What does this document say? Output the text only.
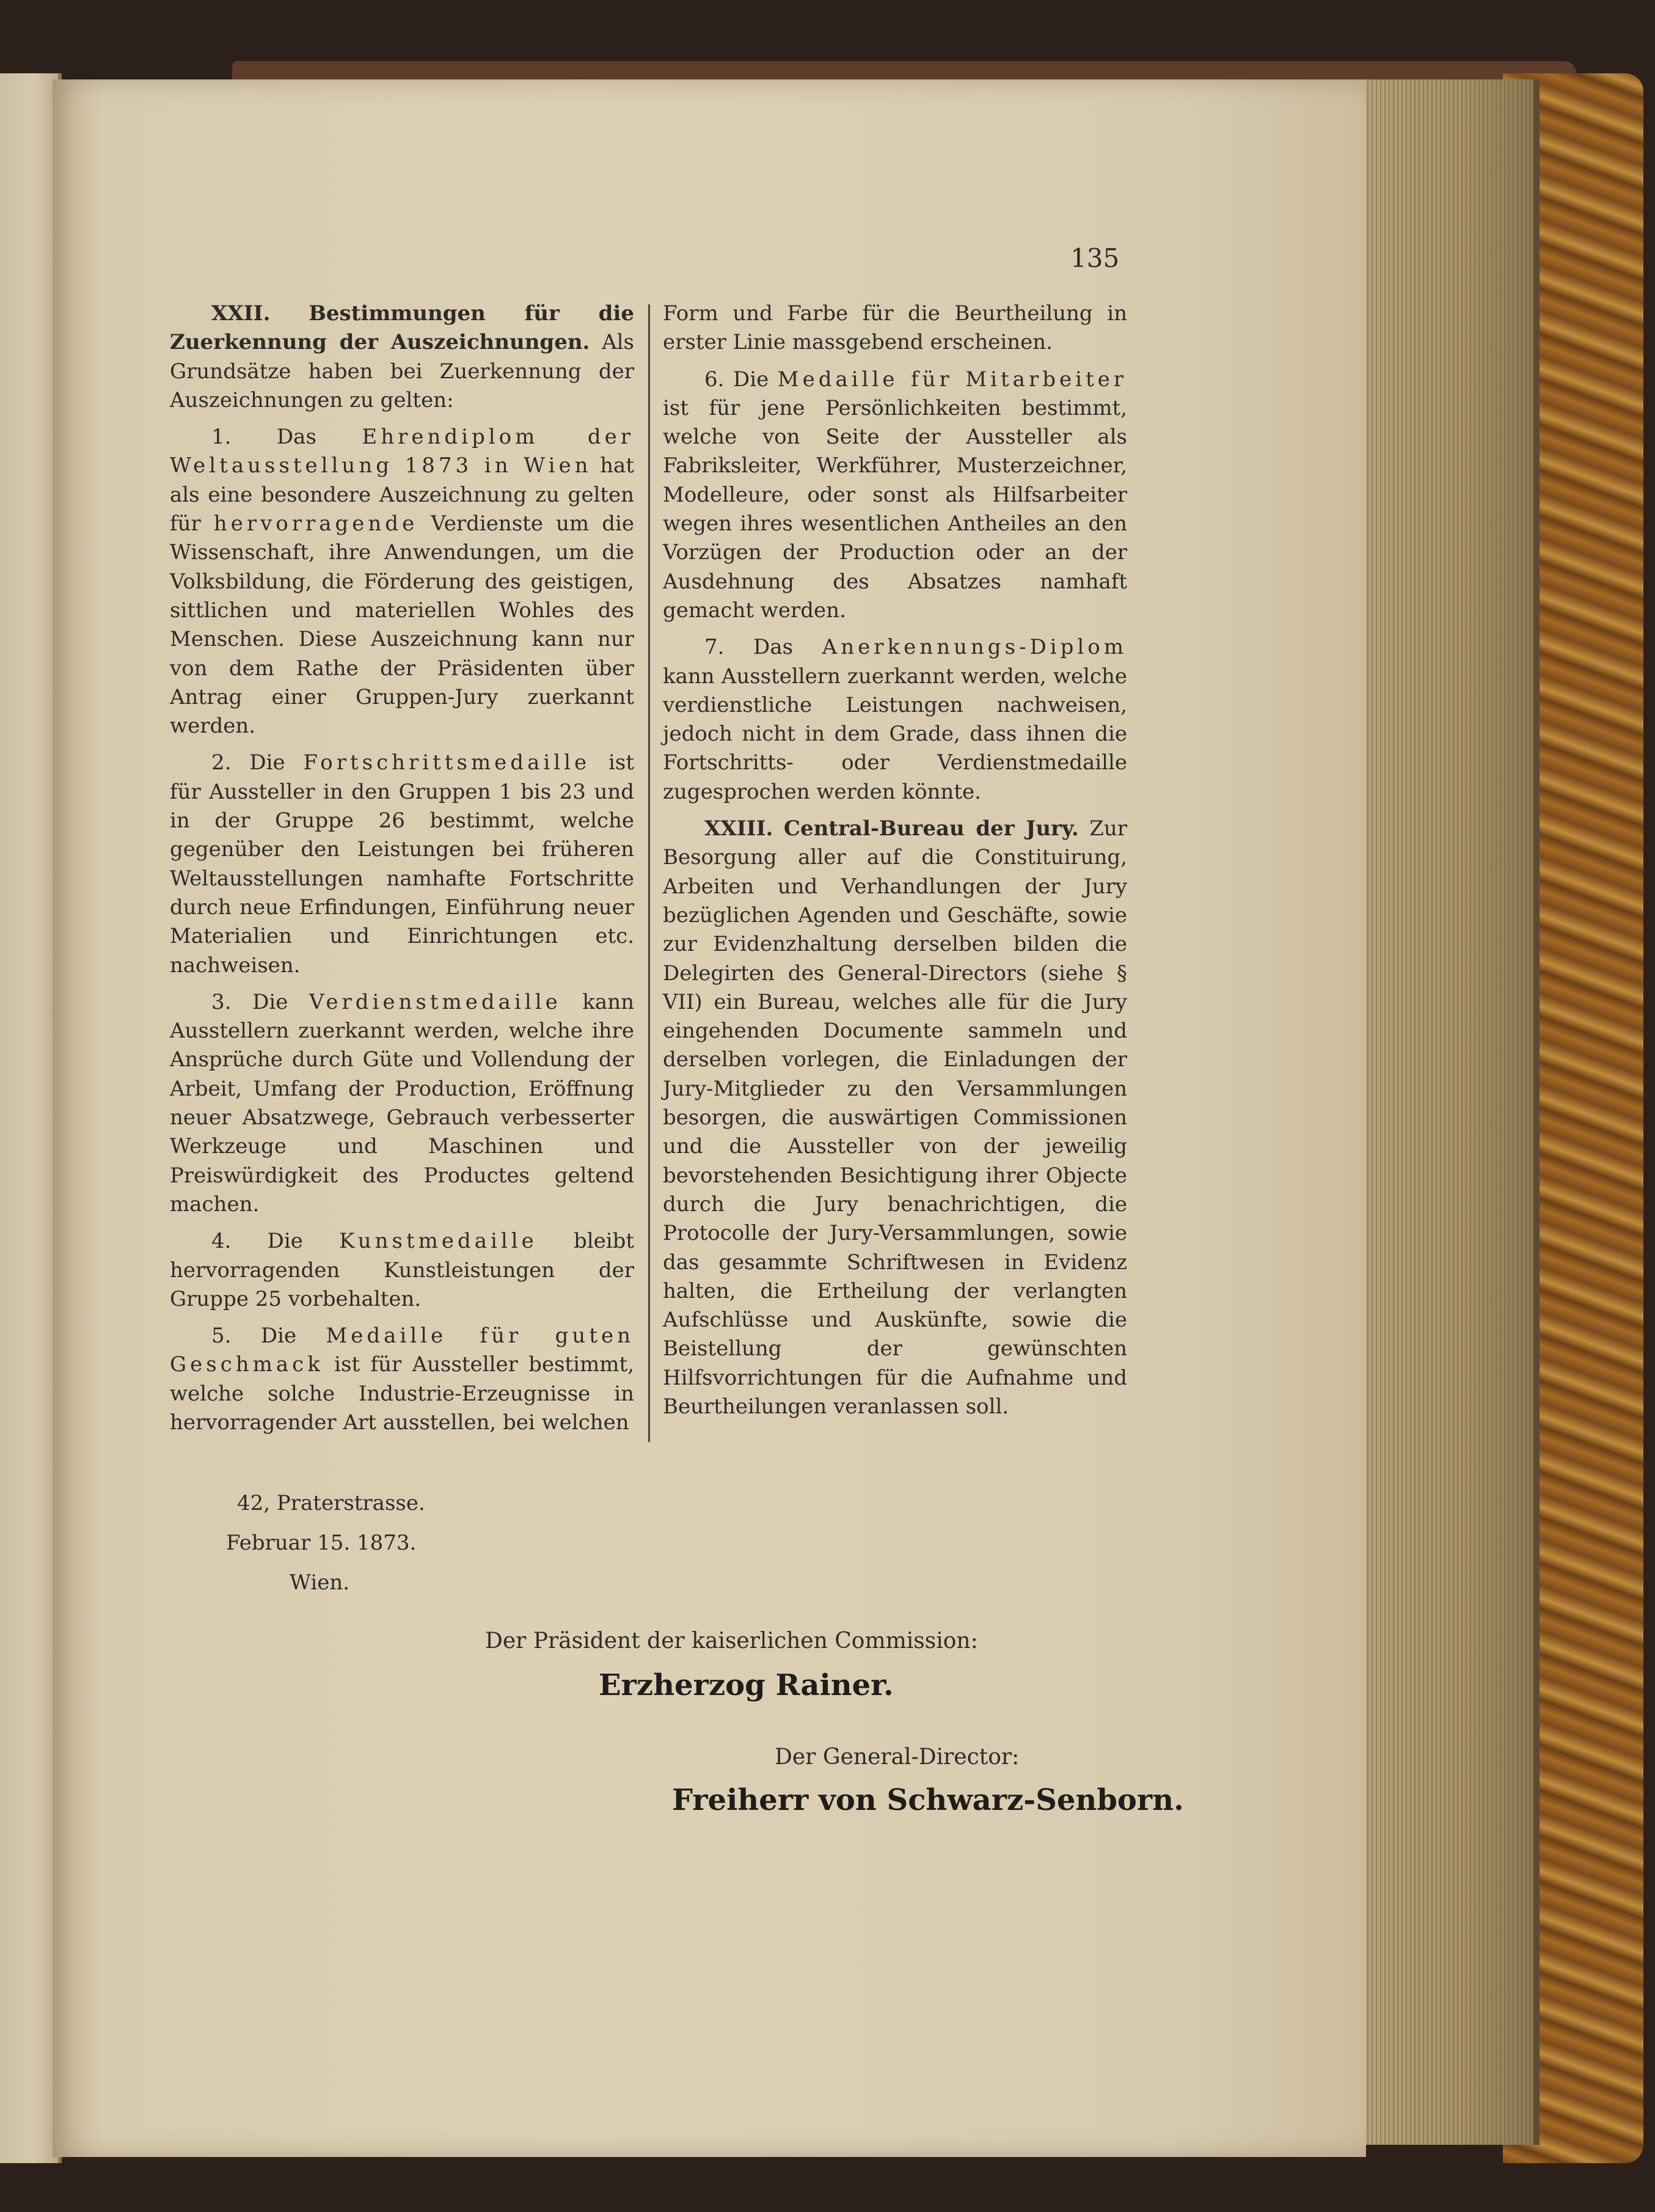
135

XXII. Bestimmungen für die Zuerkennung der Auszeichnungen. Als Grundsätze haben bei Zuerkennung der Auszeichnungen zu gelten:

1. Das Ehrendiplom der Weltausstellung 1873 in Wien hat als eine besondere Auszeichnung zu gelten für hervorragende Verdienste um die Wissenschaft, ihre Anwendungen, um die Volksbildung, die Förderung des geistigen, sittlichen und materiellen Wohles des Menschen. Diese Auszeichnung kann nur von dem Rathe der Präsidenten über Antrag einer Gruppen-Jury zuerkannt werden.

2. Die Fortschrittsmedaille ist für Aussteller in den Gruppen 1 bis 23 und in der Gruppe 26 bestimmt, welche gegenüber den Leistungen bei früheren Weltausstellungen namhafte Fortschritte durch neue Erfindungen, Einführung neuer Materialien und Einrichtungen etc. nachweisen.

3. Die Verdienstmedaille kann Ausstellern zuerkannt werden, welche ihre Ansprüche durch Güte und Vollendung der Arbeit, Umfang der Production, Eröffnung neuer Absatzwege, Gebrauch verbesserter Werkzeuge und Maschinen und Preiswürdigkeit des Productes geltend machen.

4. Die Kunstmedaille bleibt hervorragenden Kunstleistungen der Gruppe 25 vorbehalten.

5. Die Medaille für guten Geschmack ist für Aussteller bestimmt, welche solche Industrie-Erzeugnisse in hervorragender Art ausstellen, bei welchen

Form und Farbe für die Beurtheilung in erster Linie massgebend erscheinen.

6. Die Medaille für Mitarbeiter ist für jene Persönlichkeiten bestimmt, welche von Seite der Aussteller als Fabriksleiter, Werkführer, Musterzeichner, Modelleure, oder sonst als Hilfsarbeiter wegen ihres wesentlichen Antheiles an den Vorzügen der Production oder an der Ausdehnung des Absatzes namhaft gemacht werden.

7. Das Anerkennungs-Diplom kann Ausstellern zuerkannt werden, welche verdienstliche Leistungen nachweisen, jedoch nicht in dem Grade, dass ihnen die Fortschritts- oder Verdienstmedaille zugesprochen werden könnte.

XXIII. Central-Bureau der Jury. Zur Besorgung aller auf die Constituirung, Arbeiten und Verhandlungen der Jury bezüglichen Agenden und Geschäfte, sowie zur Evidenzhaltung derselben bilden die Delegirten des General-Directors (siehe § VII) ein Bureau, welches alle für die Jury eingehenden Documente sammeln und derselben vorlegen, die Einladungen der Jury-Mitglieder zu den Versammlungen besorgen, die auswärtigen Commissionen und die Aussteller von der jeweilig bevorstehenden Besichtigung ihrer Objecte durch die Jury benachrichtigen, die Protocolle der Jury-Versammlungen, sowie das gesammte Schriftwesen in Evidenz halten, die Ertheilung der verlangten Aufschlüsse und Auskünfte, sowie die Beistellung der gewünschten Hilfsvorrichtungen für die Aufnahme und Beurtheilungen veranlassen soll.

42, Praterstrasse.
Februar 15. 1873.
Wien.
Der Präsident der kaiserlichen Commission:
Erzherzog Rainer.
Der General-Director:
Freiherr von Schwarz-Senborn.
